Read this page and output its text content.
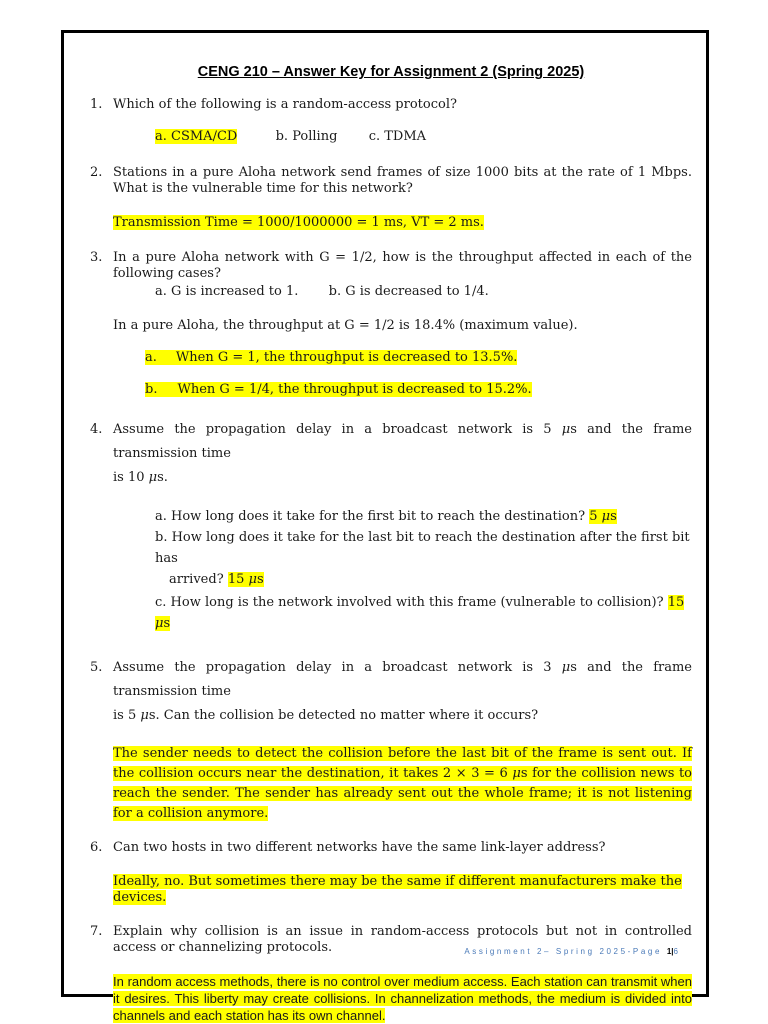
CENG 210 – Answer Key for Assignment 2 (Spring 2025)
1. Which of the following is a random-access protocol?
a. CSMA/CD	b. Polling c. TDMA
2. Stations in a pure Aloha network send frames of size 1000 bits at the rate of 1 Mbps. What is the vulnerable time for this network?
Transmission Time = 1000/1000000 = 1 ms, VT = 2 ms.
3. In a pure Aloha network with G = 1/2, how is the throughput affected in each of the following cases?
a. G is increased to 1. b. G is decreased to 1/4.
In a pure Aloha, the throughput at G = 1/2 is 18.4% (maximum value).
a. When G = 1, the throughput is decreased to 13.5%.
b. When G = 1/4, the throughput is decreased to 15.2%.
4. Assume the propagation delay in a broadcast network is 5 μs and the frame transmission time
is 10 μs.
a. How long does it take for the first bit to reach the destination? 5 μs
b. How long does it take for the last bit to reach the destination after the first bit has
arrived? 15 μs
c. How long is the network involved with this frame (vulnerable to collision)? 15 μs
5. Assume the propagation delay in a broadcast network is 3 μs and the frame transmission time
is 5 μs. Can the collision be detected no matter where it occurs?
The sender needs to detect the collision before the last bit of the frame is sent out. If the collision occurs near the destination, it takes 2 × 3 = 6 μs for the collision news to reach the sender. The sender has already sent out the whole frame; it is not listening for a collision anymore.
6. Can two hosts in two different networks have the same link-layer address?
Ideally, no. But sometimes there may be the same if different manufacturers make the devices.
7. Explain why collision is an issue in random-access protocols but not in controlled access or channelizing protocols.
In random access methods, there is no control over medium access. Each station can transmit when it desires. This liberty may create collisions. In channelization methods, the medium is divided into channels and each station has its own channel.
Assignment 2– Spring 2025-Page 1|6
